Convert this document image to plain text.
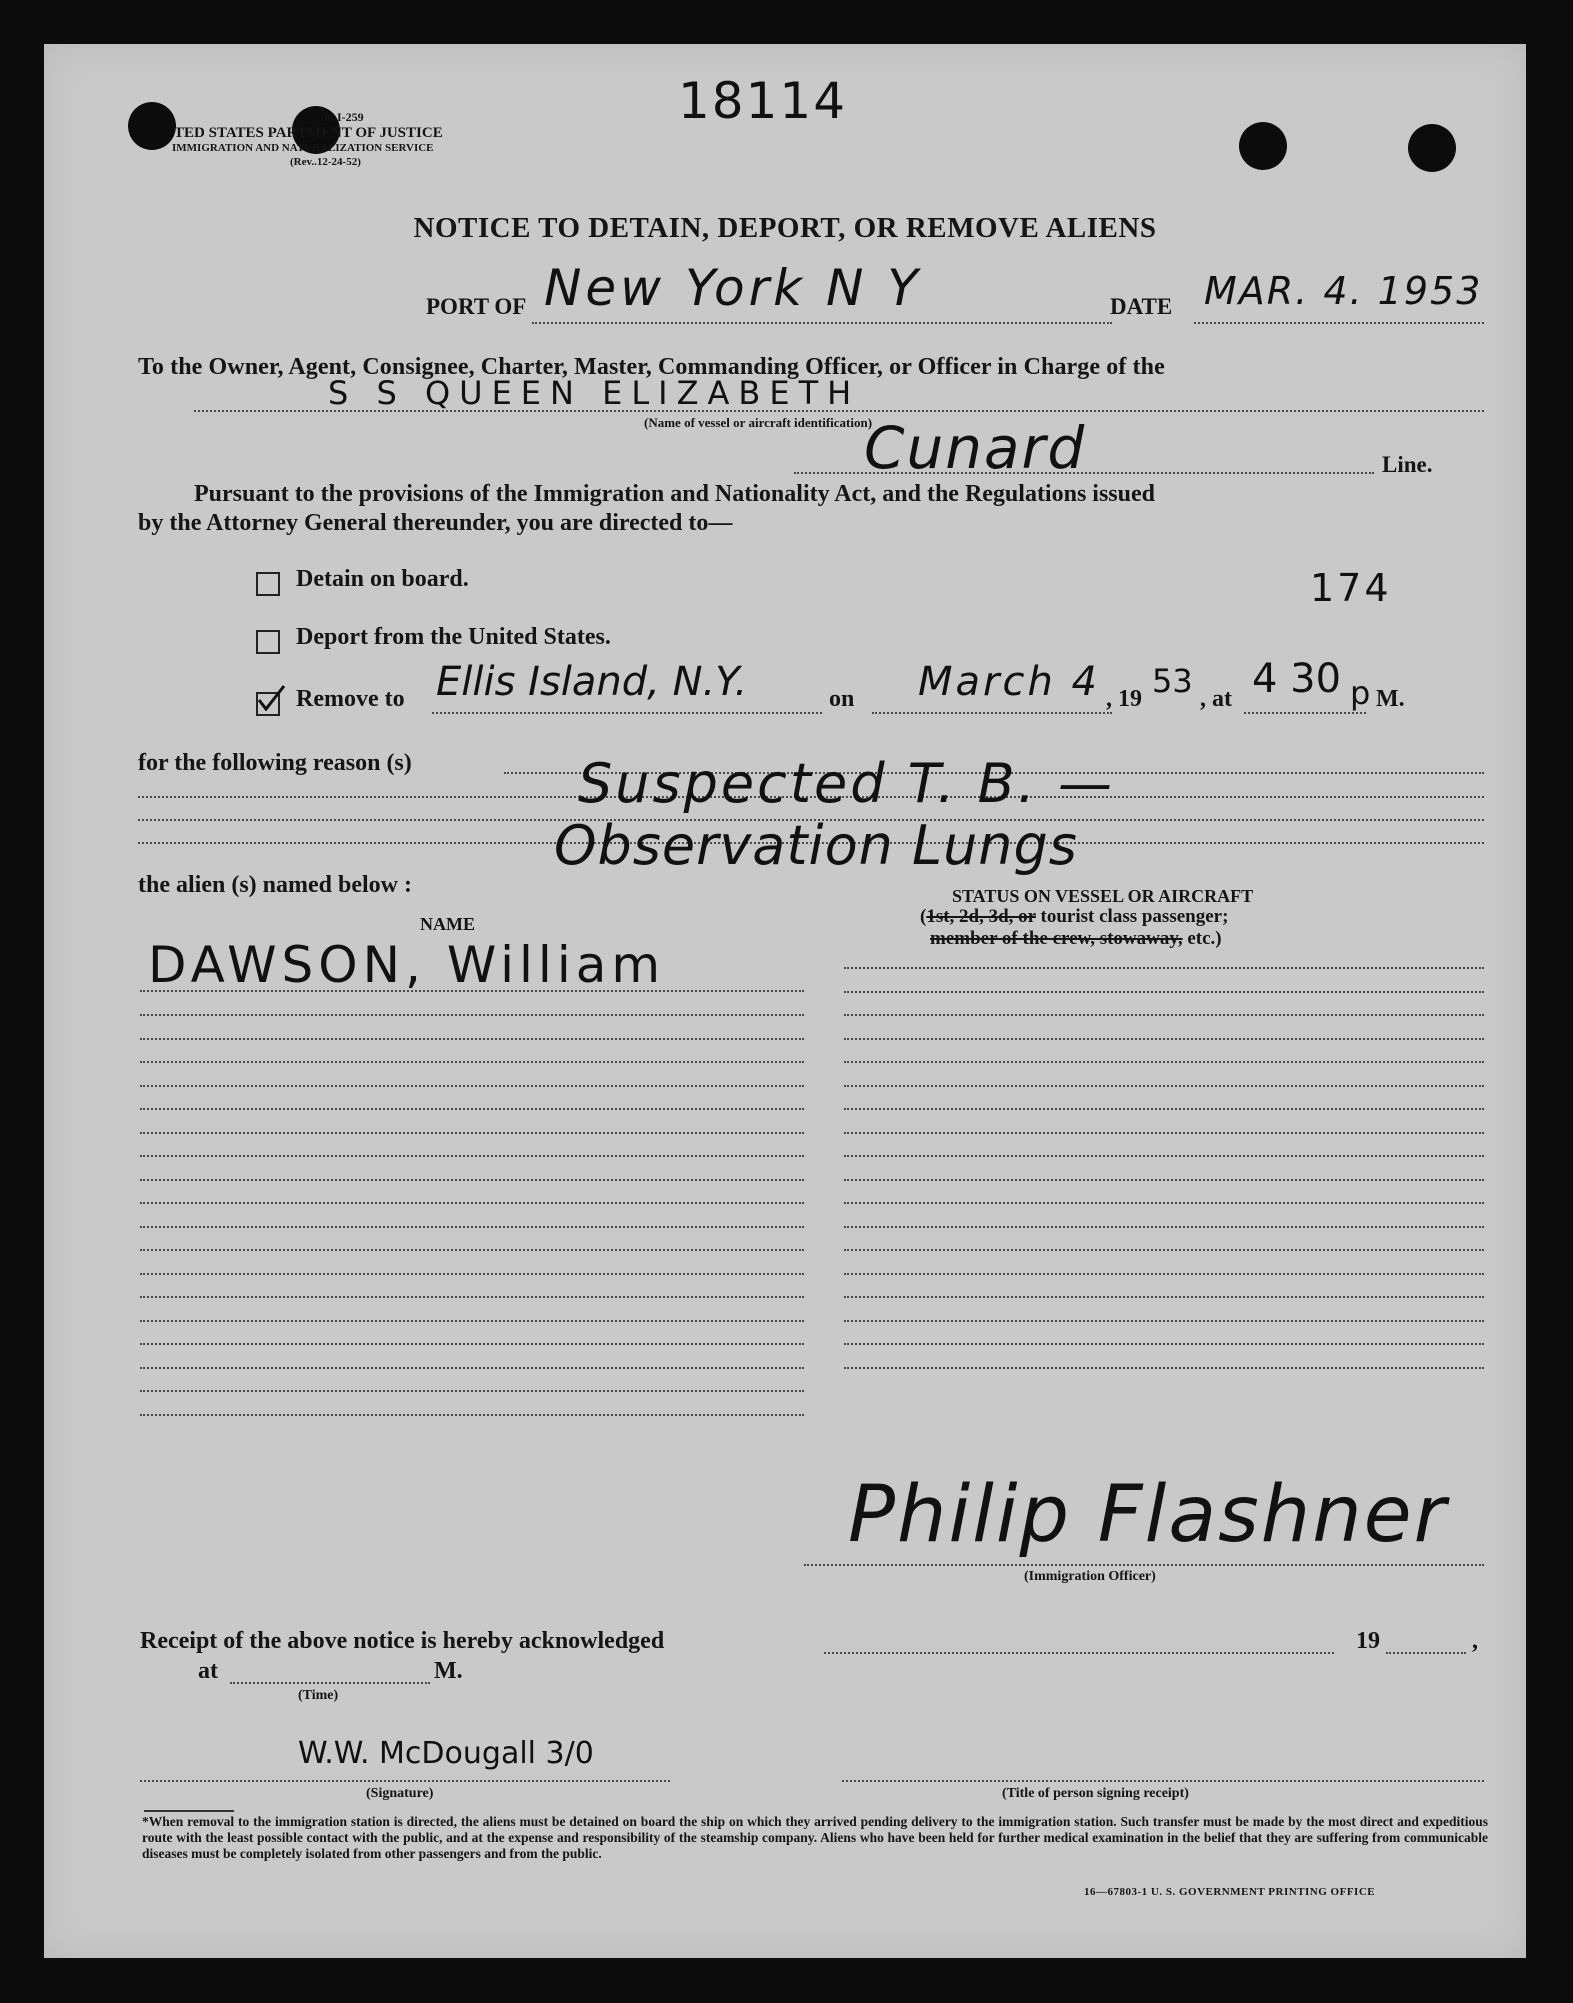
m I-259
TED STATES PARTMENT OF JUSTICE
IMMIGRATION AND NATURALIZATION SERVICE
(Rev..12-24-52)
18114
NOTICE TO DETAIN, DEPORT, OR REMOVE ALIENS
PORT OF New York N Y	DATE MAR. 4. 1953
To the Owner, Agent, Consignee, Charter, Master, Commanding Officer, or Officer in Charge of the
S S QUEEN ELIZABETH
(Name of vessel or aircraft identification)
Cunard	Line.
Pursuant to the provisions of the Immigration and Nationality Act, and the Regulations issued
by the Attorney General thereunder, you are directed to—
Detain on board.	174
Deport from the United States.
Remove to Ellis Island, N.Y.	on March 4 , 19 53 , at 4 30 p M.
for the following reason (s)	Suspected T. B. —
Observation Lungs
the alien (s) named below :
NAME
STATUS ON VESSEL OR AIRCRAFT
(1st, 2d, 3d, or tourist class passenger;
member of the crew, stowaway, etc.)
DAWSON, William
Philip Flashner
(Immigration Officer)
Receipt of the above notice is hereby acknowledged	19	,
at	M.
(Time)
W.W. McDougall 3/0
(Signature)	(Title of person signing receipt)
*When removal to the immigration station is directed, the aliens must be detained on board the ship on which they arrived pending delivery to the immigration station. Such transfer must be made by the most direct and expeditious route with the least possible contact with the public, and at the expense and responsibility of the steamship company. Aliens who have been held for further medical examination in the belief that they are suffering from communicable diseases must be completely isolated from other passengers and from the public.
16—67803-1 U. S. GOVERNMENT PRINTING OFFICE
